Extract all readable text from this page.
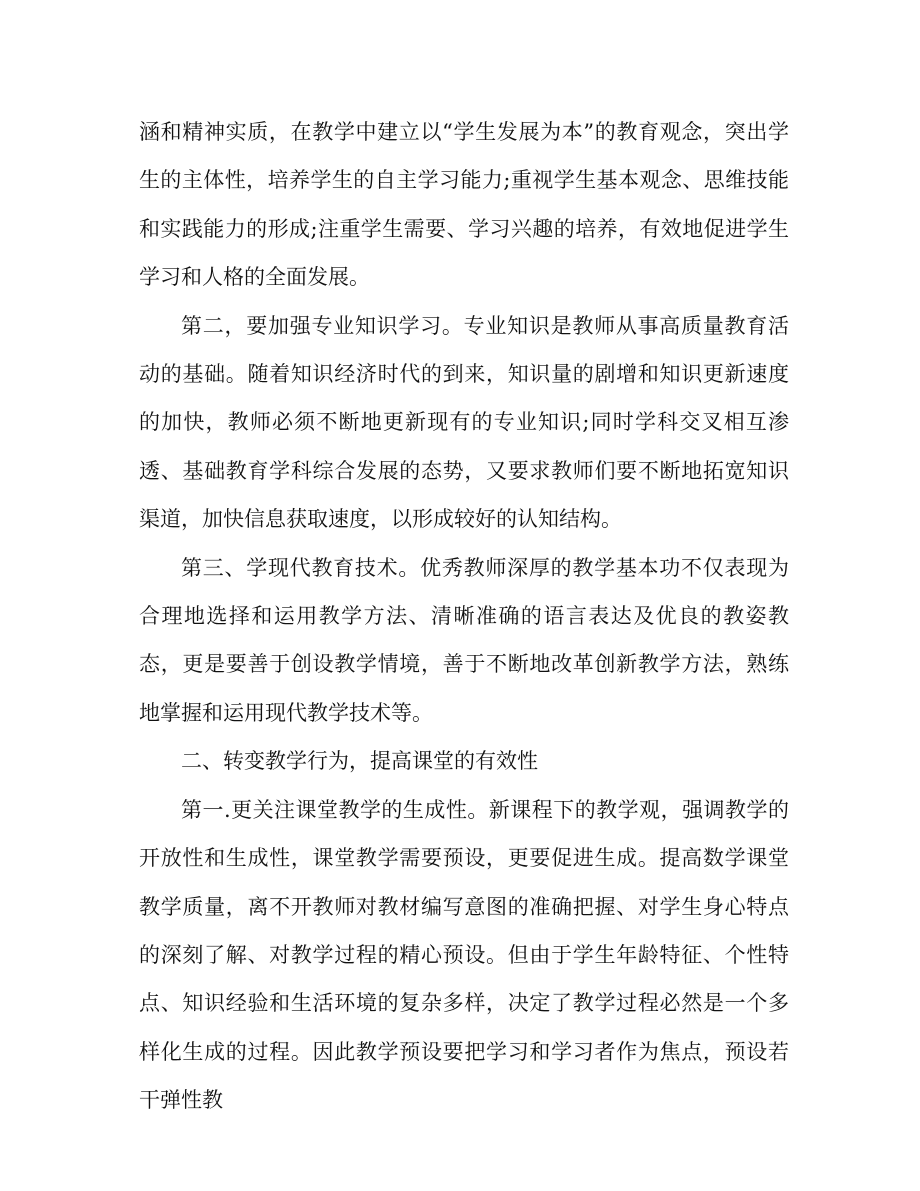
涵和精神实质，在教学中建立以“学生发展为本”的教育观念，突出学生的主体性，培养学生的自主学习能力;重视学生基本观念、思维技能和实践能力的形成;注重学生需要、学习兴趣的培养，有效地促进学生学习和人格的全面发展。

第二，要加强专业知识学习。专业知识是教师从事高质量教育活动的基础。随着知识经济时代的到来，知识量的剧增和知识更新速度的加快，教师必须不断地更新现有的专业知识;同时学科交叉相互渗透、基础教育学科综合发展的态势，又要求教师们要不断地拓宽知识渠道，加快信息获取速度，以形成较好的认知结构。

第三、学现代教育技术。优秀教师深厚的教学基本功不仅表现为合理地选择和运用教学方法、清晰准确的语言表达及优良的教姿教态，更是要善于创设教学情境，善于不断地改革创新教学方法，熟练地掌握和运用现代教学技术等。

二、转变教学行为，提高课堂的有效性

第一.更关注课堂教学的生成性。新课程下的教学观，强调教学的开放性和生成性，课堂教学需要预设，更要促进生成。提高数学课堂教学质量，离不开教师对教材编写意图的准确把握、对学生身心特点的深刻了解、对教学过程的精心预设。但由于学生年龄特征、个性特点、知识经验和生活环境的复杂多样，决定了教学过程必然是一个多样化生成的过程。因此教学预设要把学习和学习者作为焦点，预设若干弹性教
